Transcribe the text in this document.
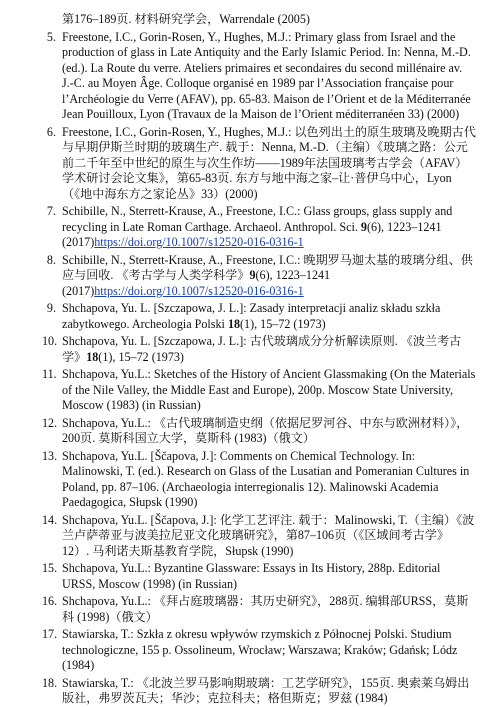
第176–189页. 材料研究学会，Warrendale (2005)
5. Freestone, I.C., Gorin-Rosen, Y., Hughes, M.J.: Primary glass from Israel and the production of glass in Late Antiquity and the Early Islamic Period. In: Nenna, M.-D. (ed.). La Route du verre. Ateliers primaires et secondaires du second millénaire av. J.-C. au Moyen Âge. Colloque organisé en 1989 par l’Association française pour l’Archéologie du Verre (AFAV), pp. 65-83. Maison de l’Orient et de la Méditerranée Jean Pouilloux, Lyon (Travaux de la Maison de l’Orient méditerranéen 33) (2000)
6. Freestone, I.C., Gorin-Rosen, Y., Hughes, M.J.: 以色列出土的原生玻璃及晚期古代与早期伊斯兰时期的玻璃生产. 载于：Nenna, M.-D.（主编）《玻璃之路：公元前二千年至中世纪的原生与次生作坊——1989年法国玻璃考古学会（AFAV）学术研讨会论文集》，第65-83页. 东方与地中海之家–让·普伊乌中心，Lyon（《地中海东方之家论丛》33）(2000)
7. Schibille, N., Sterrett-Krause, A., Freestone, I.C.: Glass groups, glass supply and recycling in Late Roman Carthage. Archaeol. Anthropol. Sci. 9(6), 1223–1241 (2017)https://doi.org/10.1007/s12520-016-0316-1
8. Schibille, N., Sterrett-Krause, A., Freestone, I.C.: 晚期罗马迦太基的玻璃分组、供应与回收. 《考古学与人类学科学》9(6), 1223–1241 (2017)https://doi.org/10.1007/s12520-016-0316-1
9. Shchapova, Yu. L. [Szczapowa, J. L.]: Zasady interpretacji analiz składu szkła zabytkowego. Archeologia Polski 18(1), 15–72 (1973)
10. Shchapova, Yu. L. [Szczapowa, J. L.]: 古代玻璃成分分析解读原则. 《波兰考古学》18(1), 15–72 (1973)
11. Shchapova, Yu.L.: Sketches of the History of Ancient Glassmaking (On the Materials of the Nile Valley, the Middle East and Europe), 200p. Moscow State University, Moscow (1983) (in Russian)
12. Shchapova, Yu.L.: 《古代玻璃制造史纲（依据尼罗河谷、中东与欧洲材料）》，200页. 莫斯科国立大学，莫斯科 (1983)（俄文）
13. Shchapova, Yu.L. [Ščapova, J.]: Comments on Chemical Technology. In: Malinowski, T. (ed.). Research on Glass of the Lusatian and Pomeranian Cultures in Poland, pp. 87–106. (Archaeologia interregionalis 12). Malinowski Academia Paedagogica, Słupsk (1990)
14. Shchapova, Yu.L. [Ščapova, J.]: 化学工艺评注. 载于：Malinowski, T.（主编）《波兰卢萨蒂亚与波美拉尼亚文化玻璃研究》，第87–106页（《区域间考古学》12）. 马利诺夫斯基教育学院，Słupsk (1990)
15. Shchapova, Yu.L.: Byzantine Glassware: Essays in Its History, 288p. Editorial URSS, Moscow (1998) (in Russian)
16. Shchapova, Yu.L.: 《拜占庭玻璃器：其历史研究》，288页. 编辑部URSS，莫斯科 (1998)（俄文）
17. Stawiarska, T.: Szkła z okresu wpływów rzymskich z Północnej Polski. Studium technologiczne, 155 p. Ossolineum, Wrocław; Warszawa; Kraków; Gdańsk; Lódz (1984)
18. Stawiarska, T.: 《北波兰罗马影响期玻璃：工艺学研究》，155页. 奥索莱乌姆出版社，弗罗茨瓦夫；华沙；克拉科夫；格但斯克；罗兹 (1984)
